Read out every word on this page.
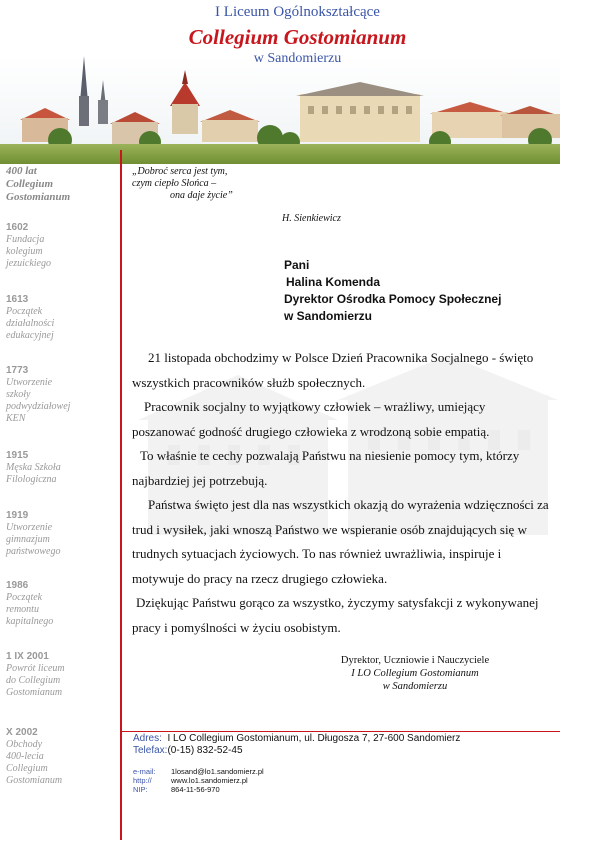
I Liceum Ogólnokształcące
Collegium Gostomianum
w Sandomierzu
400 lat
Collegium
Gostomianum
1602
Fundacja
kolegium
jezuickiego
1613
Początek
działalności
edukacyjnej
1773
Utworzenie
szkoły
podwydziałowej
KEN
1915
Męska Szkoła
Filologiczna
1919
Utworzenie
gimnazjum
państwowego
1986
Początek
remontu
kapitalnego
1 IX 2001
Powrót liceum
do Collegium
Gostomianum
X 2002
Obchody
400-lecia
Collegium
Gostomianum
„Dobroć serca jest tym,
czym ciepło Słońca –
ona daje życie”
H. Sienkiewicz
Pani
Halina Komenda
Dyrektor Ośrodka Pomocy Społecznej
w Sandomierzu

21 listopada obchodzimy w Polsce Dzień Pracownika Socjalnego - święto wszystkich pracowników służb społecznych.

Pracownik socjalny to wyjątkowy człowiek – wrażliwy, umiejący poszanować godność drugiego człowieka z wrodzoną sobie empatią.

To właśnie te cechy pozwalają Państwu na niesienie pomocy tym, którzy najbardziej jej potrzebują.

Państwa święto jest dla nas wszystkich okazją do wyrażenia wdzięczności za trud i wysiłek, jaki wnoszą Państwo we wspieranie osób znajdujących się w trudnych sytuacjach życiowych. To nas również uwrażliwia, inspiruje i motywuje do pracy na rzecz drugiego człowieka.

Dziękując Państwu gorąco za wszystko, życzymy satysfakcji z wykonywanej pracy i pomyślności w życiu osobistym.

Dyrektor, Uczniowie i Nauczyciele
I LO Collegium Gostomianum
w Sandomierzu
Adres: I LO Collegium Gostomianum, ul. Długosza 7, 27-600 Sandomierz
Telefax:(0-15) 832-52-45
e-mail:	1losand@lo1.sandomierz.pl
http://	www.lo1.sandomierz.pl
NIP:	864-11-56-970
